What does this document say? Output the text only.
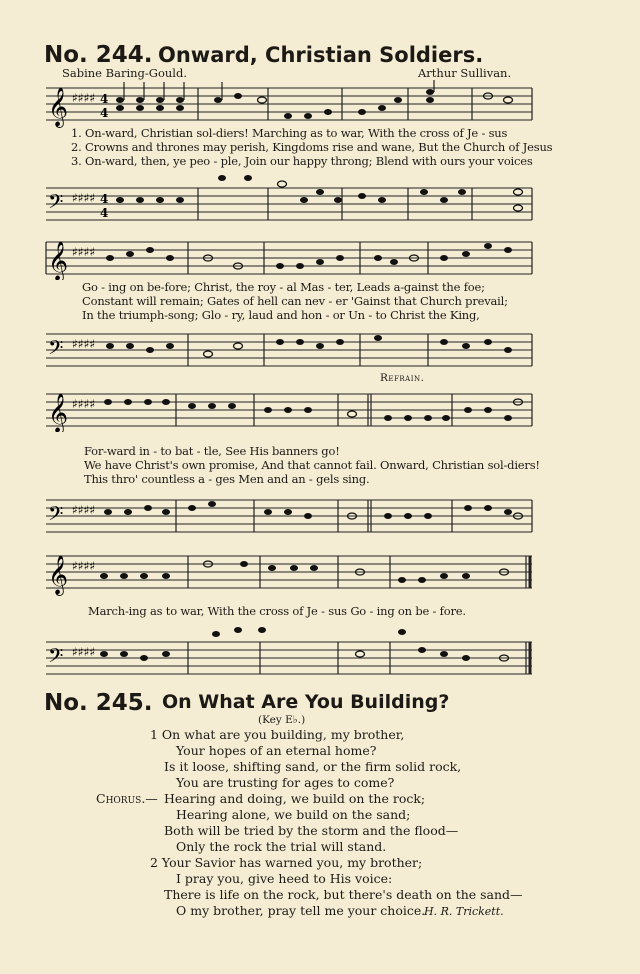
No. 244. Onward, Christian Soldiers.
Sabine Baring-Gould.	Arthur Sullivan.
𝄞 ♯♯♯♯ 4
4
1. On-ward, Christian sol-diers! Marching as to war, With the cross of Je - sus
2. Crowns and thrones may perish, Kingdoms rise and wane, But the Church of Jesus
3. On-ward, then, ye peo - ple, Join our happy throng; Blend with ours your voices
𝄢 ♯♯♯♯ 4
4
𝄞 ♯♯♯♯
Go - ing on be-fore; Christ, the roy - al Mas - ter, Leads a-gainst the foe;
Constant will remain; Gates of hell can nev - er 'Gainst that Church prevail;
In the triumph-song; Glo - ry, laud and hon - or Un - to Christ the King,
𝄢 ♯♯♯♯
Refrain.
𝄞 ♯♯♯♯
For-ward in - to bat - tle, See His banners go!
We have Christ's own promise, And that cannot fail. Onward, Christian sol-diers!
This thro' countless a - ges Men and an - gels sing.
𝄢 ♯♯♯♯
𝄞 ♯♯♯♯
March-ing as to war, With the cross of Je - sus Go - ing on be - fore.
𝄢 ♯♯♯♯
No. 245. On What Are You Building?
(Key E♭.)
1 On what are you building, my brother,
Your hopes of an eternal home?
Is it loose, shifting sand, or the firm solid rock,
You are trusting for ages to come?
Chorus.— Hearing and doing, we build on the rock;
Hearing alone, we build on the sand;
Both will be tried by the storm and the flood—
Only the rock the trial will stand.
2 Your Savior has warned you, my brother;
I pray you, give heed to His voice:
There is life on the rock, but there's death on the sand—
O my brother, pray tell me your choice.
H. R. Trickett.
